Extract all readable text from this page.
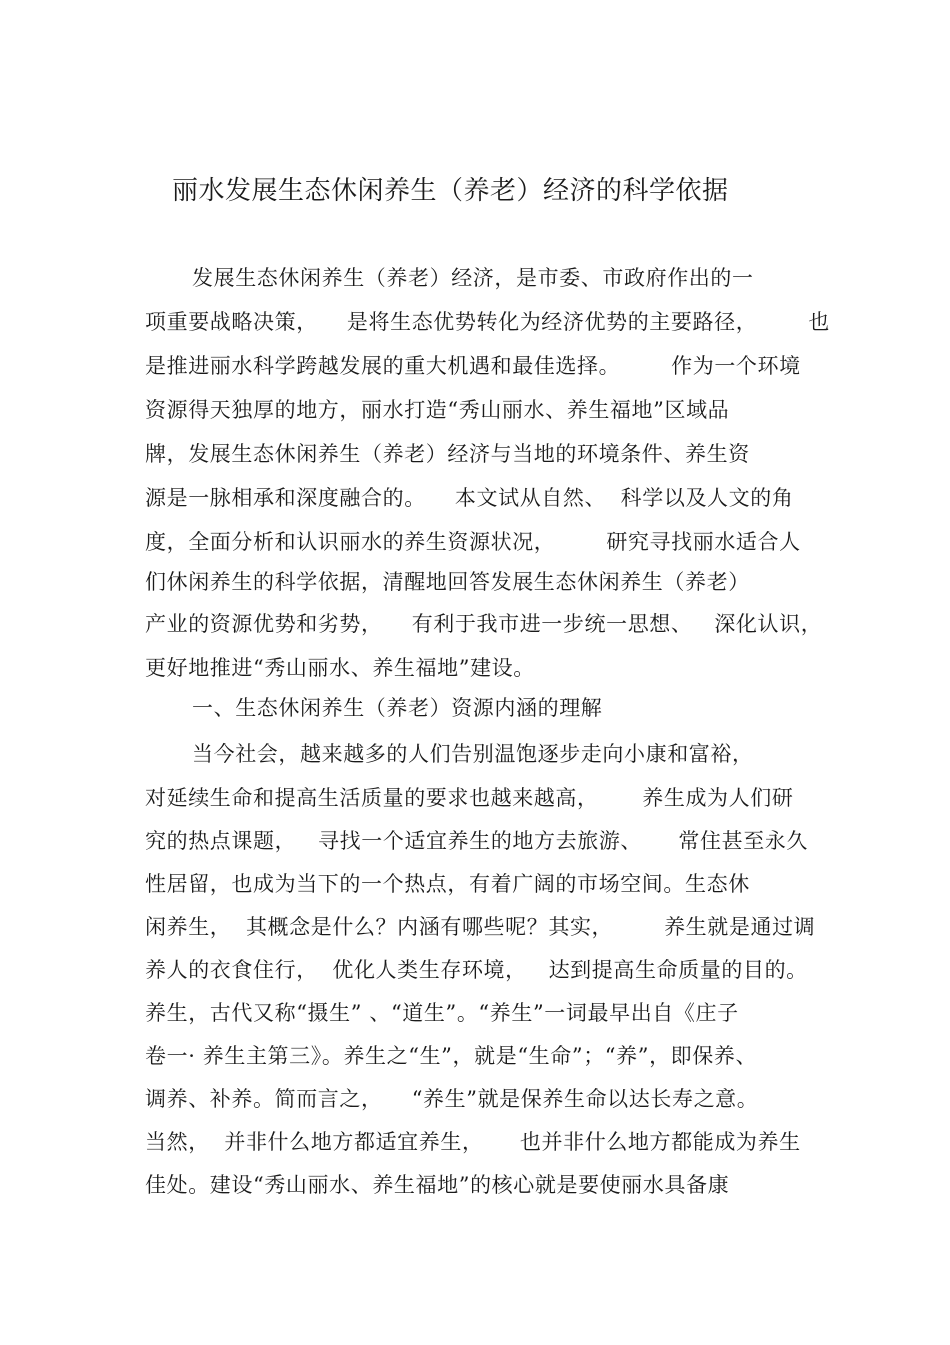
丽水发展生态休闲养生（养老）经济的科学依据
发展生态休闲养生（养老）经济，是市委、市政府作出的一
项重要战略决策，    是将生态优势转化为经济优势的主要路径，       也
是推进丽水科学跨越发展的重大机遇和最佳选择。       作为一个环境
资源得天独厚的地方，丽水打造“秀山丽水、养生福地”区域品
牌，发展生态休闲养生（养老）经济与当地的环境条件、养生资
源是一脉相承和深度融合的。    本文试从自然、  科学以及人文的角
度，全面分析和认识丽水的养生资源状况，       研究寻找丽水适合人
们休闲养生的科学依据，清醒地回答发展生态休闲养生（养老）
产业的资源优势和劣势，    有利于我市进一步统一思想、   深化认识，
更好地推进“秀山丽水、养生福地”建设。
一、生态休闲养生（养老）资源内涵的理解
当今社会，越来越多的人们告别温饱逐步走向小康和富裕，
对延续生命和提高生活质量的要求也越来越高，      养生成为人们研
究的热点课题，   寻找一个适宜养生的地方去旅游、     常住甚至永久
性居留，也成为当下的一个热点，有着广阔的市场空间。生态休
闲养生，  其概念是什么？内涵有哪些呢？其实，       养生就是通过调
养人的衣食住行，  优化人类生存环境，   达到提高生命质量的目的。
养生，古代又称“摄生” 、“道生”。“养生”一词最早出自《庄子
卷一· 养生主第三》。养生之“生”，就是“生命”；“养”，即保养、
调养、补养。简而言之，    “养生”就是保养生命以达长寿之意。
当然，  并非什么地方都适宜养生，     也并非什么地方都能成为养生
佳处。建设“秀山丽水、养生福地”的核心就是要使丽水具备康
